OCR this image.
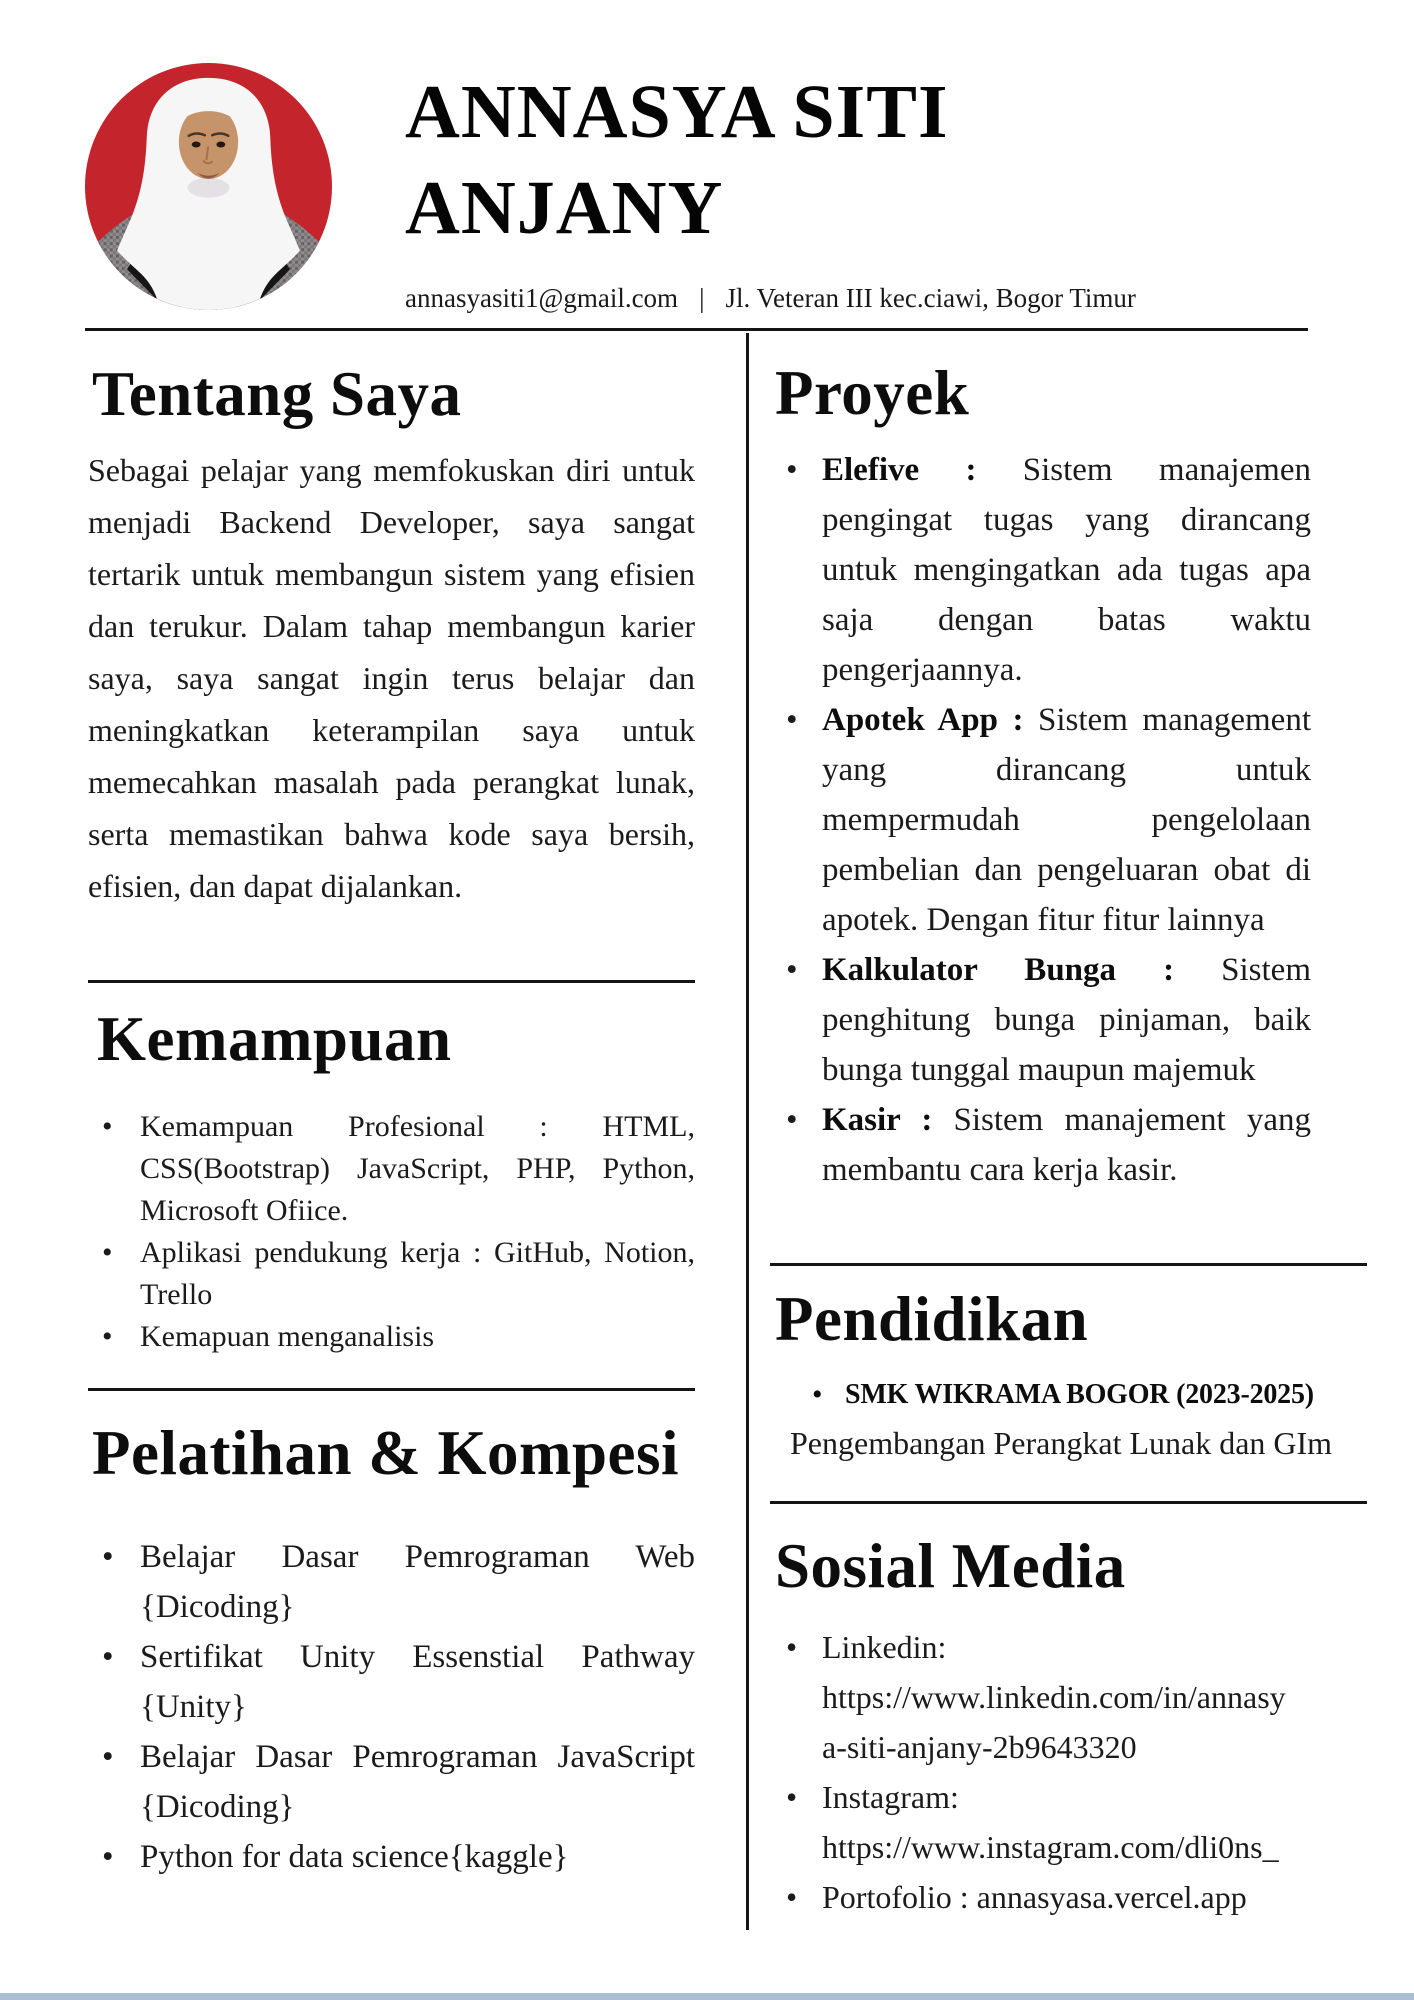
ANNASYA SITI
ANJANY
annasyasiti1@gmail.com | Jl. Veteran III kec.ciawi, Bogor Timur
Tentang Saya

Sebagai pelajar yang memfokuskan diri untuk menjadi Backend Developer, saya sangat tertarik untuk membangun sistem yang efisien dan terukur. Dalam tahap membangun karier saya, saya sangat ingin terus belajar dan meningkatkan keterampilan saya untuk memecahkan masalah pada perangkat lunak, serta memastikan bahwa kode saya bersih, efisien, dan dapat dijalankan.

Kemampuan
• Kemampuan Profesional : HTML, CSS(Bootstrap) JavaScript, PHP, Python, Microsoft Ofiice.
• Aplikasi pendukung kerja : GitHub, Notion, Trello
• Kemapuan menganalisis
Pelatihan & Kompesi
• Belajar Dasar Pemrograman Web {Dicoding}
• Sertifikat Unity Essenstial Pathway {Unity}
• Belajar Dasar Pemrograman JavaScript {Dicoding}
• Python for data science{kaggle}
Proyek
• Elefive : Sistem manajemen pengingat tugas yang dirancang untuk mengingatkan ada tugas apa saja dengan batas waktu pengerjaannya.
• Apotek App : Sistem management yang dirancang untuk mempermudah pengelolaan pembelian dan pengeluaran obat di apotek. Dengan fitur fitur lainnya
• Kalkulator Bunga : Sistem penghitung bunga pinjaman, baik bunga tunggal maupun majemuk
• Kasir : Sistem manajement yang membantu cara kerja kasir.
Pendidikan
• SMK WIKRAMA BOGOR (2023-2025)
Pengembangan Perangkat Lunak dan GIm
Sosial Media
• Linkedin:
https://www.linkedin.com/in/annasya-siti-anjany-2b9643320
• Instagram:
https://www.instagram.com/dli0ns_
• Portofolio : annasyasa.vercel.app
